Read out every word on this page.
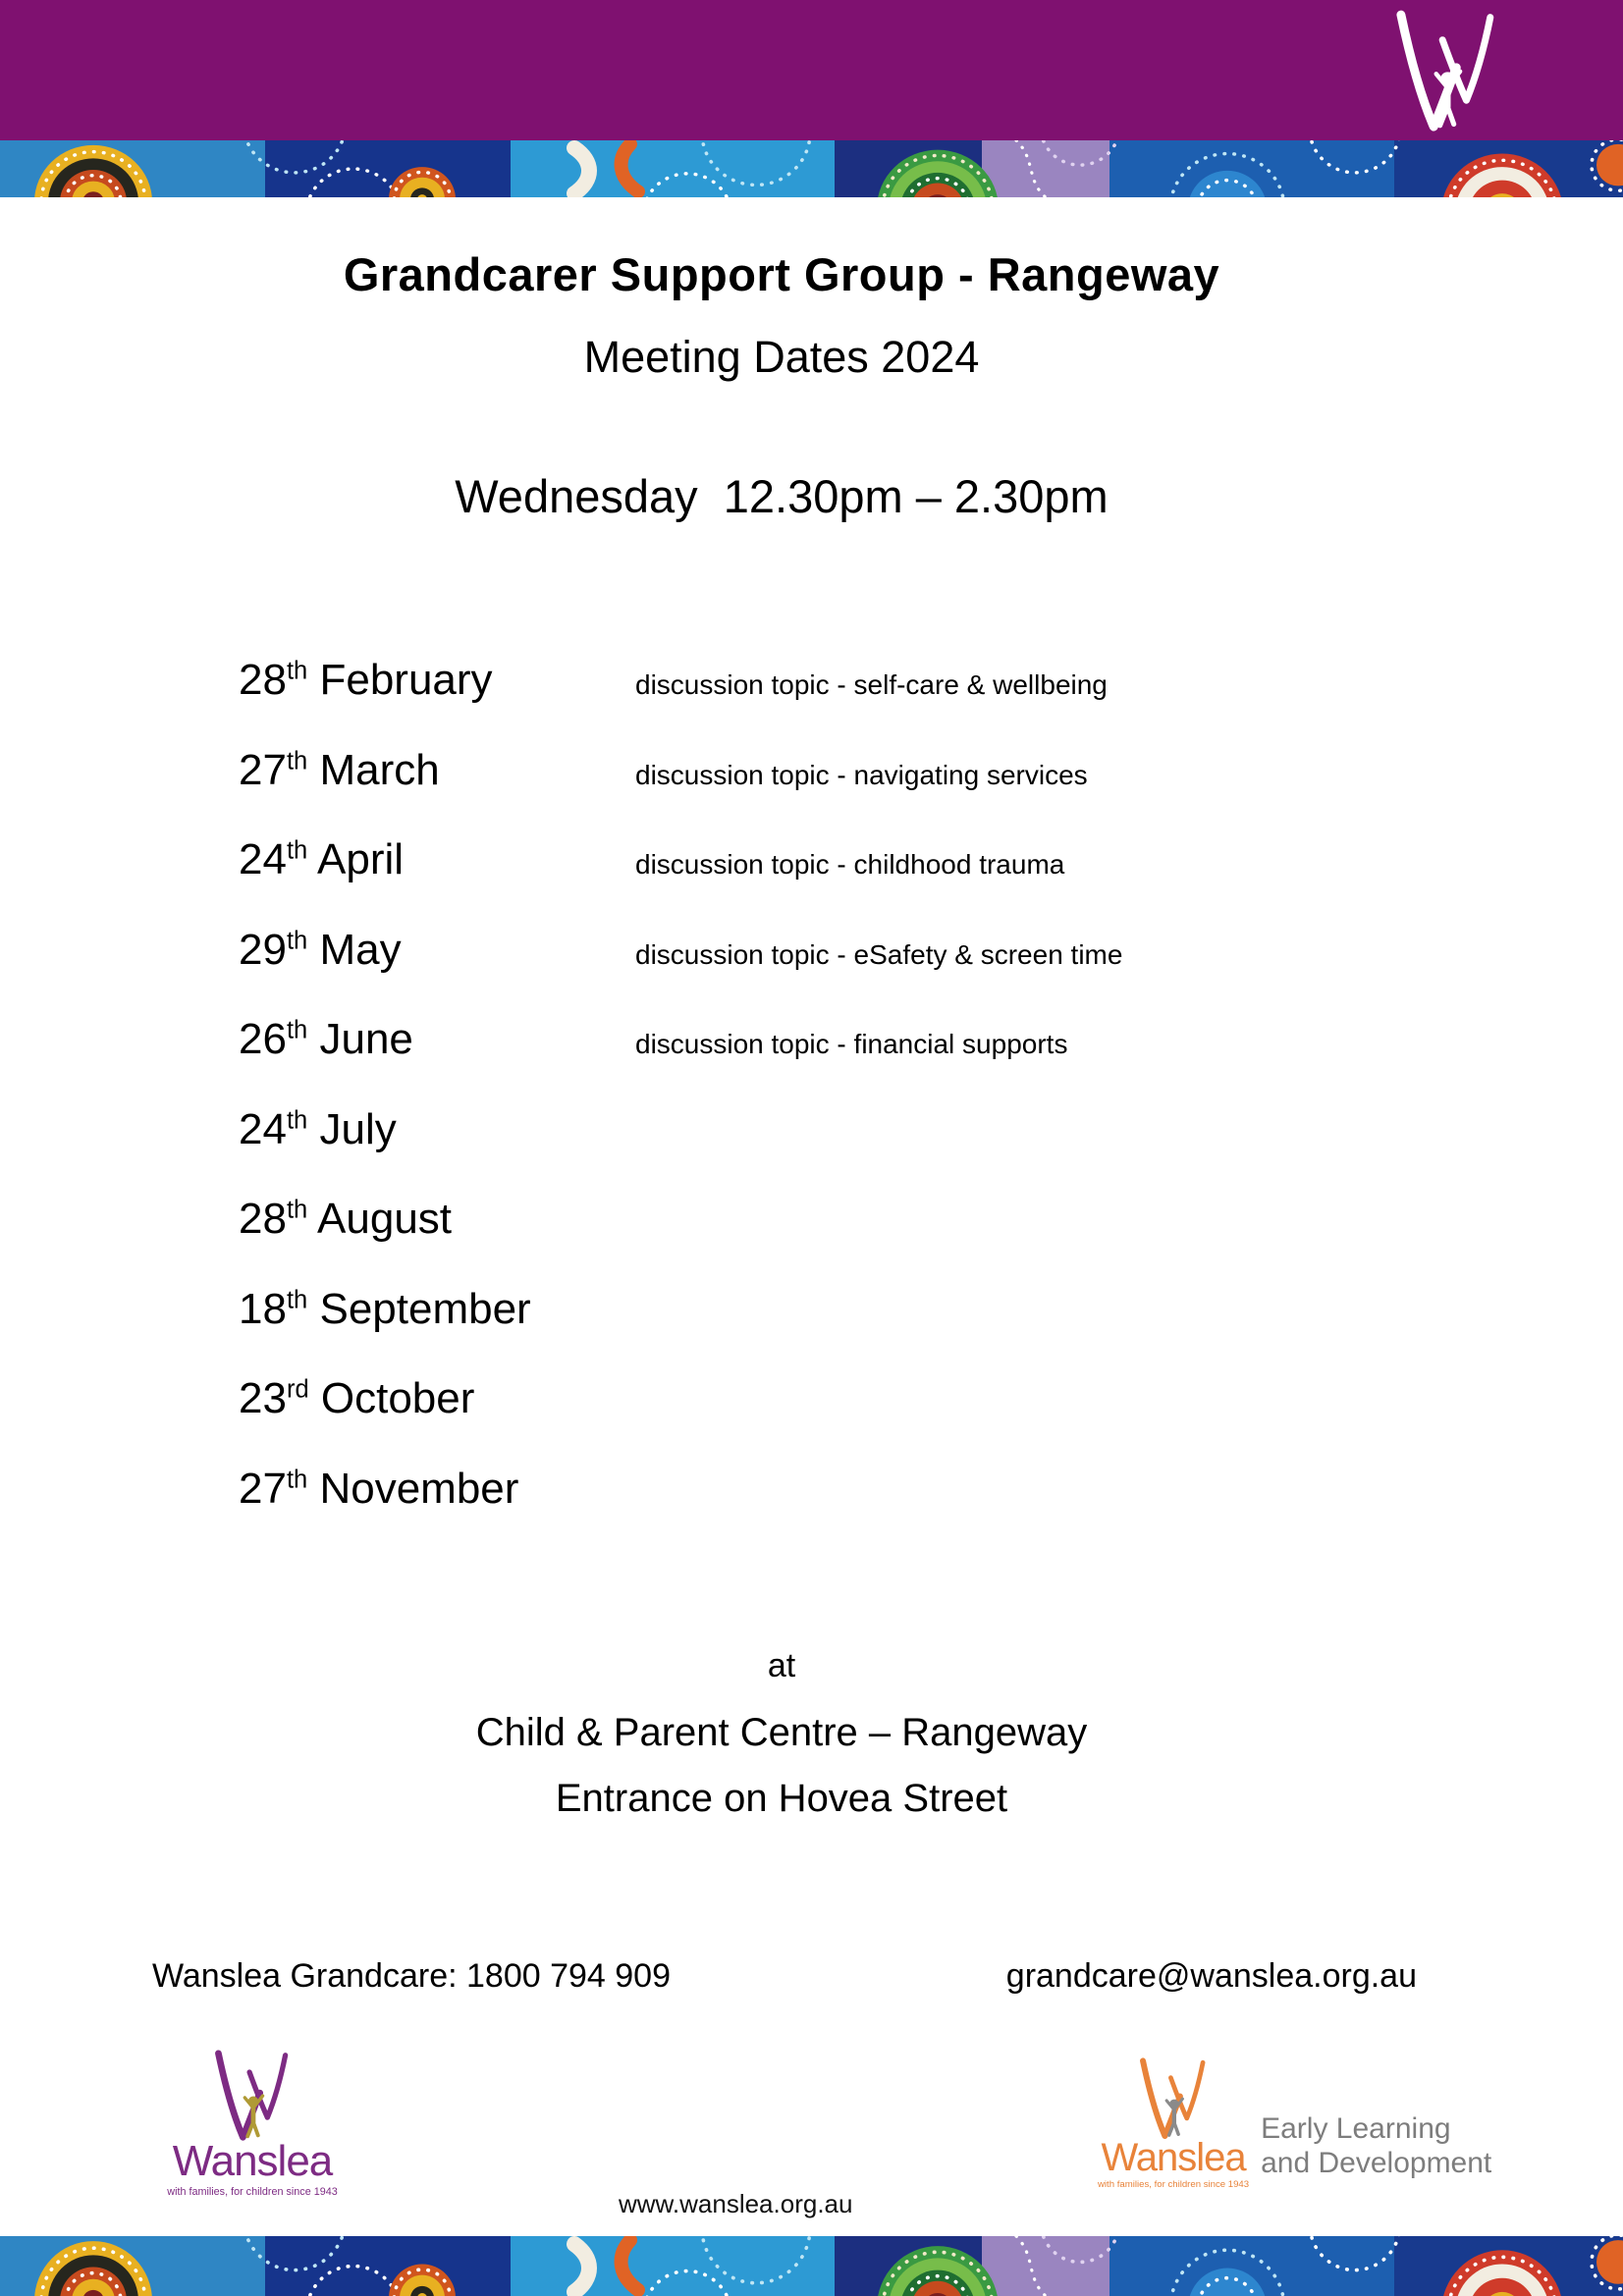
Grandcarer Support Group - Rangeway
Meeting Dates 2024
Wednesday  12.30pm – 2.30pm
28th February	discussion topic - self-care & wellbeing
27th March	discussion topic - navigating services
24th April	discussion topic - childhood trauma
29th May	discussion topic - eSafety & screen time
26th June	discussion topic - financial supports
24th July
28th August
18th September
23rd October
27th November
at
Child & Parent Centre – Rangeway
Entrance on Hovea Street
Wanslea Grandcare: 1800 794 909	grandcare@wanslea.org.au
Wanslea
with families, for children since 1943
Wanslea
with families, for children since 1943
Early Learning
and Development
www.wanslea.org.au
